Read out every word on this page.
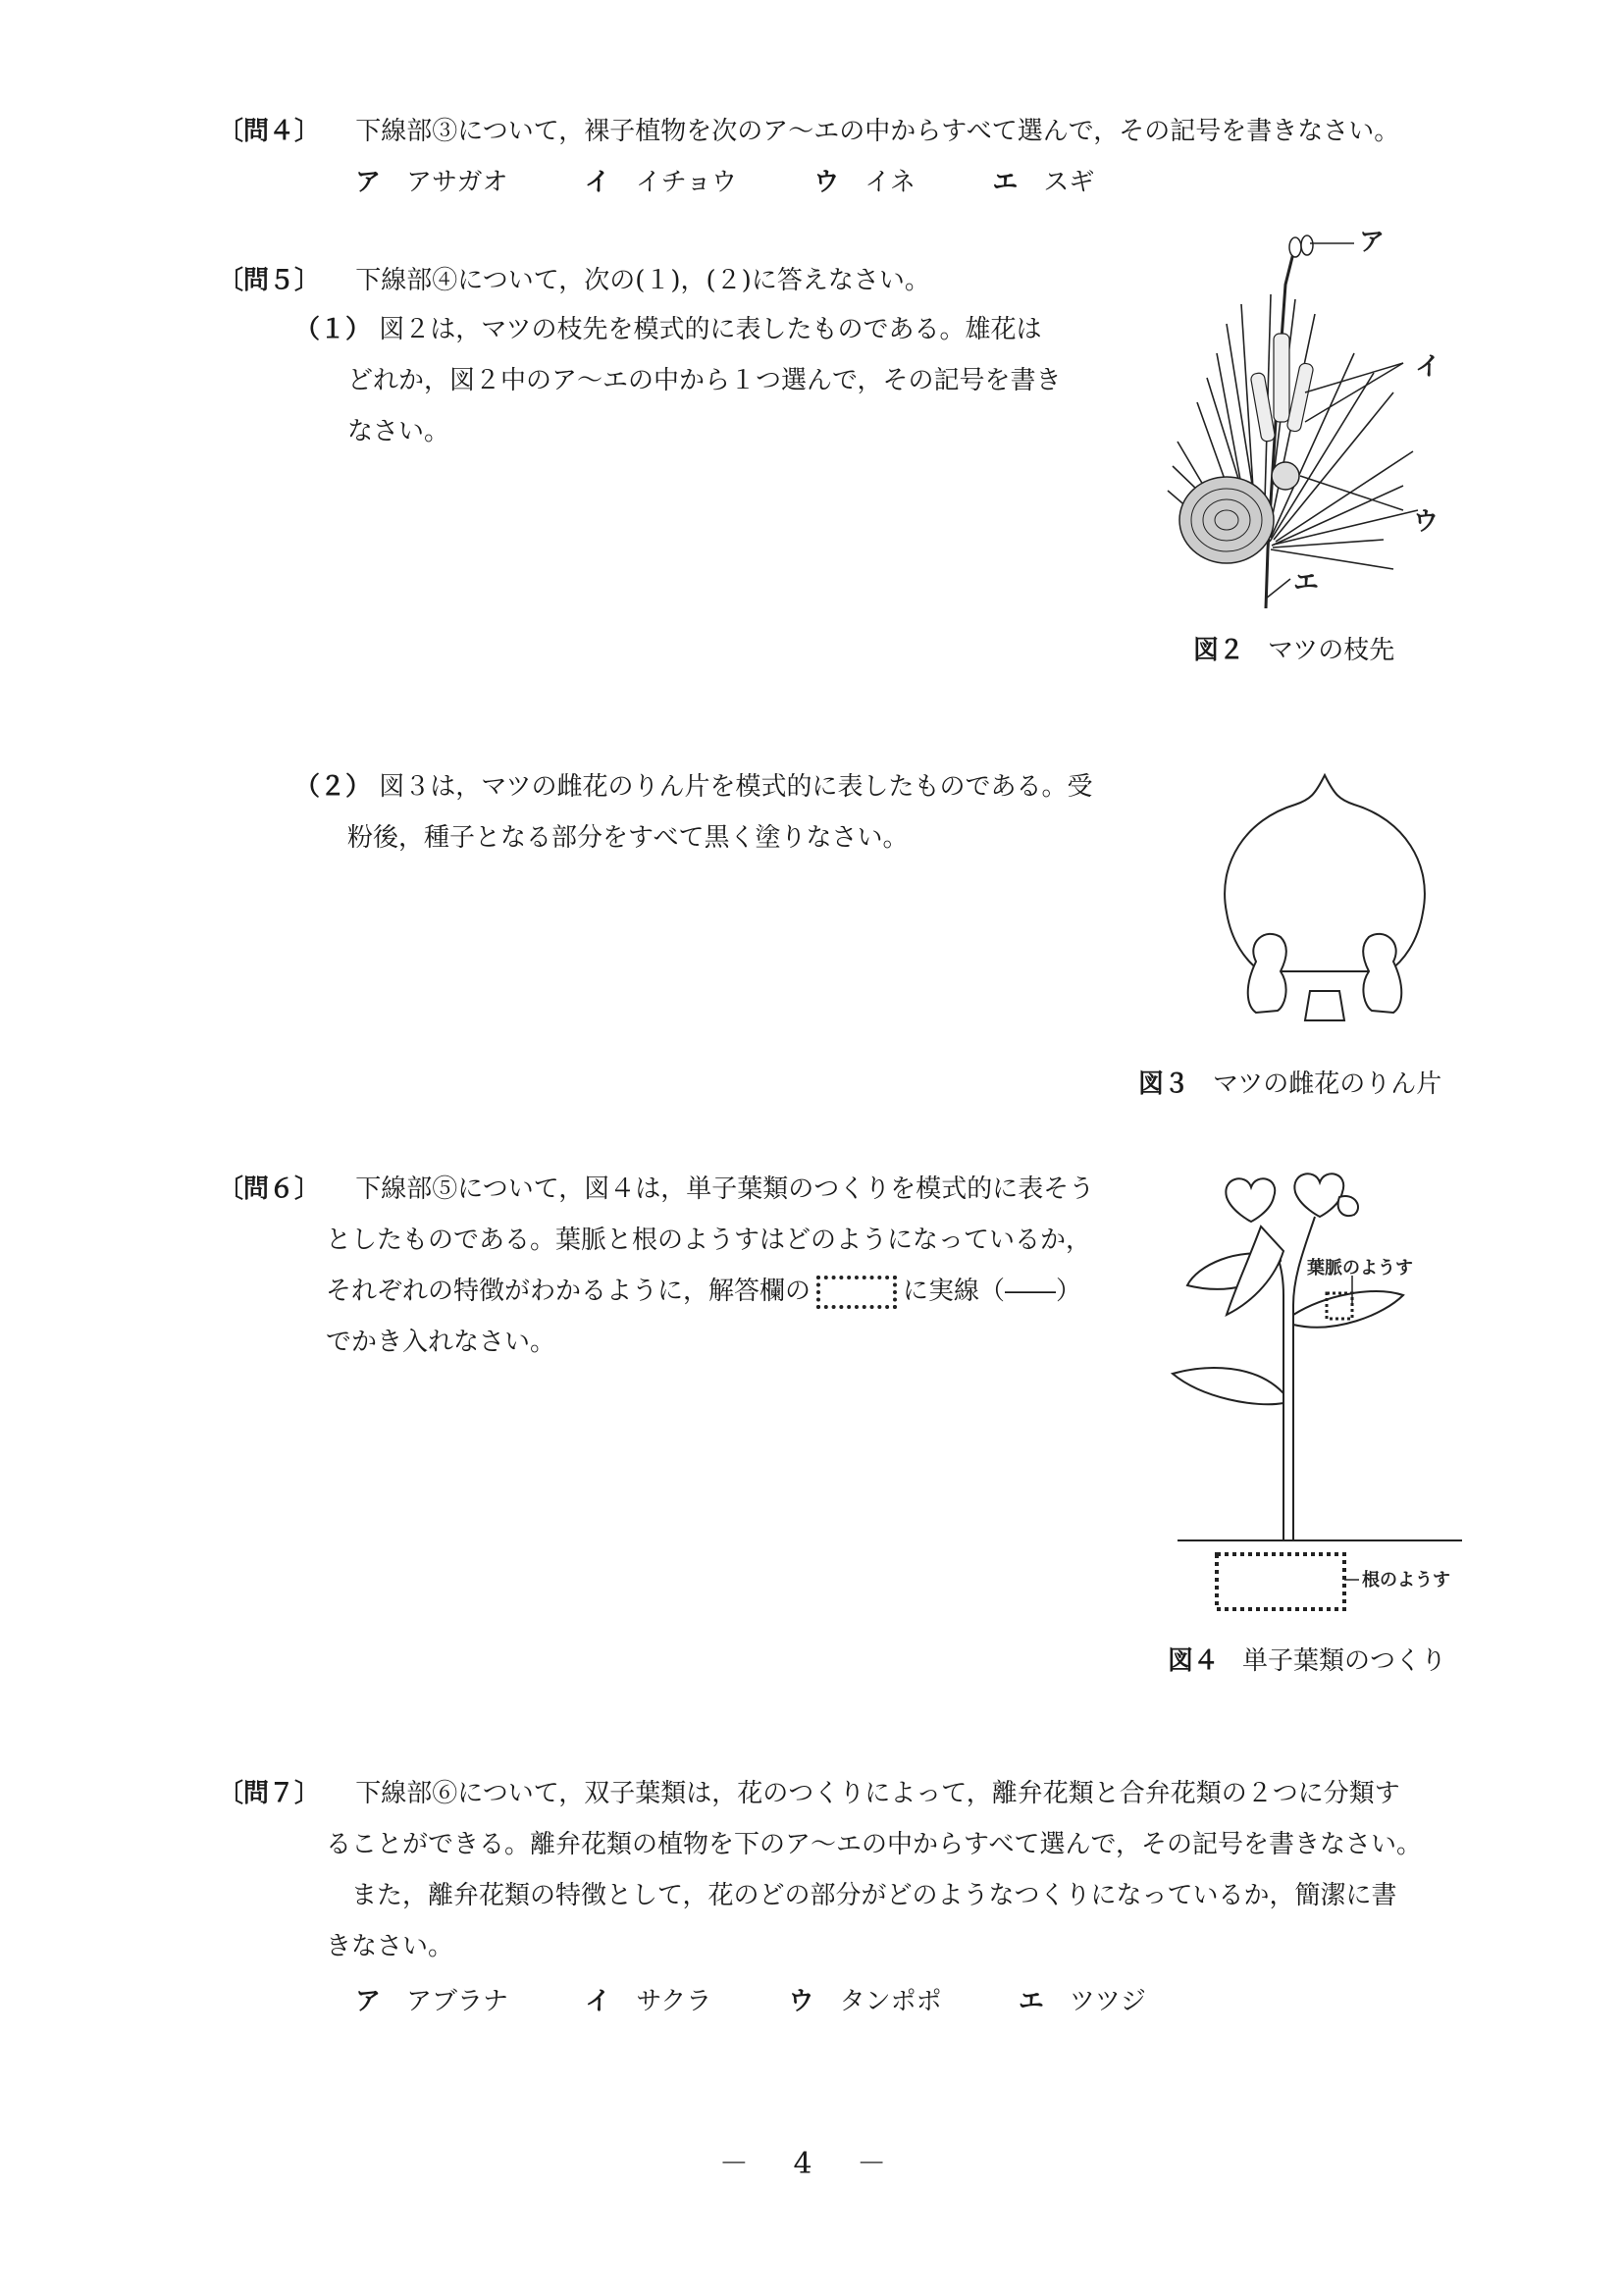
〔問４〕 下線部③について，裸子植物を次のア～エの中からすべて選んで，その記号を書きなさい。
ア アサガオ	イ イチョウ	ウ イネ	エ スギ
〔問５〕 下線部④について，次の(１)，(２)に答えなさい。
（１） 図２は，マツの枝先を模式的に表したものである。雄花は
どれか，図２中のア～エの中から１つ選んで，その記号を書き
なさい。
ア
イ
ウ
エ
図２ マツの枝先
（２） 図３は，マツの雌花のりん片を模式的に表したものである。受
粉後，種子となる部分をすべて黒く塗りなさい。
図３ マツの雌花のりん片
〔問６〕 下線部⑤について，図４は，単子葉類のつくりを模式的に表そう
としたものである。葉脈と根のようすはどのようになっているか，
それぞれの特徴がわかるように，解答欄の	に実線（――）
でかき入れなさい。
葉脈のようす
根のようす
図４ 単子葉類のつくり
〔問７〕 下線部⑥について，双子葉類は，花のつくりによって，離弁花類と合弁花類の２つに分類す
ることができる。離弁花類の植物を下のア～エの中からすべて選んで，その記号を書きなさい。
また，離弁花類の特徴として，花のどの部分がどのようなつくりになっているか，簡潔に書
きなさい。
ア アブラナ	イ サクラ	ウ タンポポ	エ ツツジ
－ 4 －
